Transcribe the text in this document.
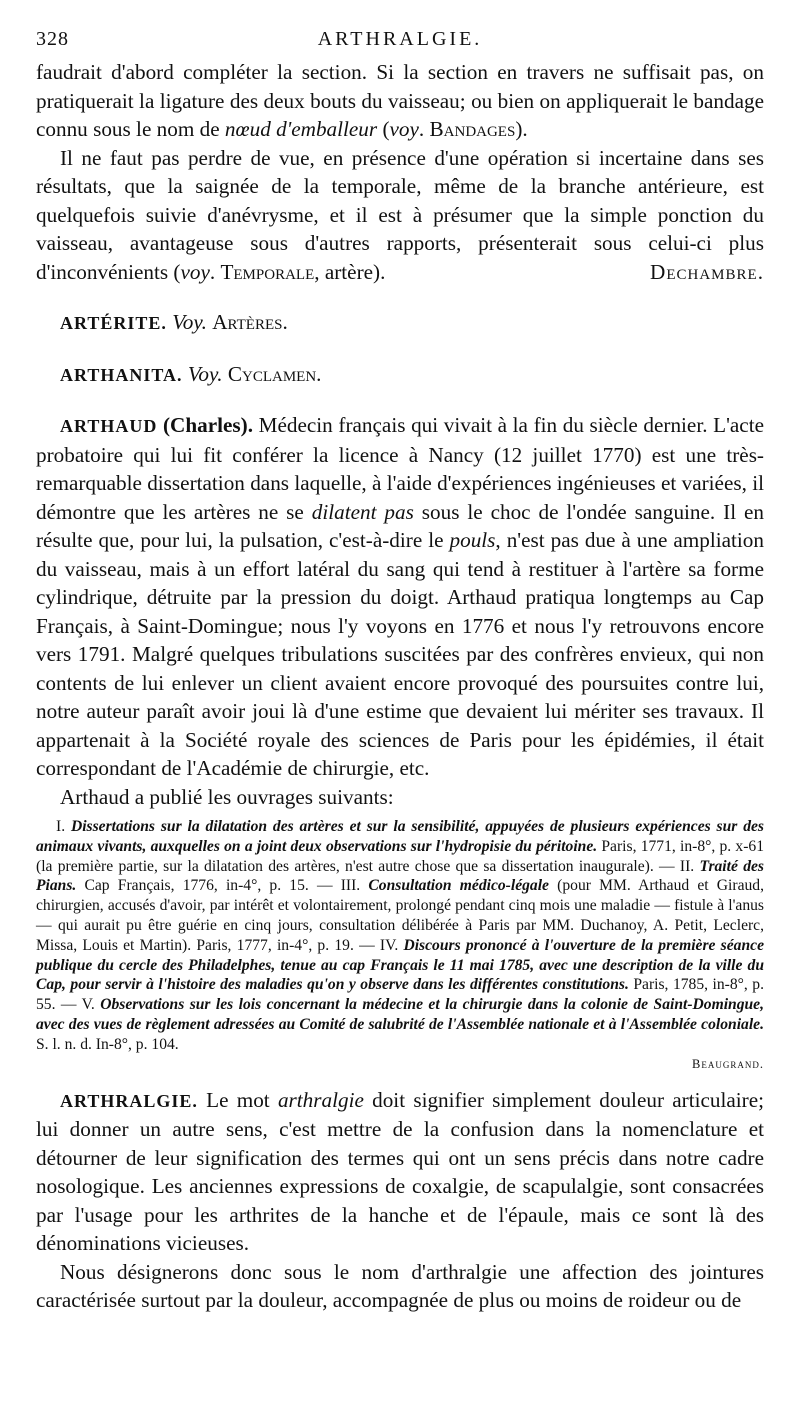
328	ARTHRALGIE.

faudrait d'abord compléter la section. Si la section en travers ne suffisait pas, on pratiquerait la ligature des deux bouts du vaisseau; ou bien on appliquerait le bandage connu sous le nom de nœud d'emballeur (voy. Bandages).

Il ne faut pas perdre de vue, en présence d'une opération si incertaine dans ses résultats, que la saignée de la temporale, même de la branche antérieure, est quelquefois suivie d'anévrysme, et il est à présumer que la simple ponction du vaisseau, avantageuse sous d'autres rapports, présenterait sous celui-ci plus d'inconvénients (voy. Temporale, artère).	Dechambre.

ARTÉRITE. Voy. Artères.

ARTHANITA. Voy. Cyclamen.

ARTHAUD (Charles). Médecin français qui vivait à la fin du siècle dernier. L'acte probatoire qui lui fit conférer la licence à Nancy (12 juillet 1770) est une très-remarquable dissertation dans laquelle, à l'aide d'expériences ingénieuses et variées, il démontre que les artères ne se dilatent pas sous le choc de l'ondée sanguine. Il en résulte que, pour lui, la pulsation, c'est-à-dire le pouls, n'est pas due à une ampliation du vaisseau, mais à un effort latéral du sang qui tend à restituer à l'artère sa forme cylindrique, détruite par la pression du doigt. Arthaud pratiqua longtemps au Cap Français, à Saint-Domingue; nous l'y voyons en 1776 et nous l'y retrouvons encore vers 1791. Malgré quelques tribulations suscitées par des confrères envieux, qui non contents de lui enlever un client avaient encore provoqué des poursuites contre lui, notre auteur paraît avoir joui là d'une estime que devaient lui mériter ses travaux. Il appartenait à la Société royale des sciences de Paris pour les épidémies, il était correspondant de l'Académie de chirurgie, etc.

Arthaud a publié les ouvrages suivants:

I. Dissertations sur la dilatation des artères et sur la sensibilité, appuyées de plusieurs expériences sur des animaux vivants, auxquelles on a joint deux observations sur l'hydropisie du péritoine. Paris, 1771, in-8°, p. x-61 (la première partie, sur la dilatation des artères, n'est autre chose que sa dissertation inaugurale). — II. Traité des Pians. Cap Français, 1776, in-4°, p. 15. — III. Consultation médico-légale (pour MM. Arthaud et Giraud, chirurgien, accusés d'avoir, par intérêt et volontairement, prolongé pendant cinq mois une maladie — fistule à l'anus — qui aurait pu être guérie en cinq jours, consultation délibérée à Paris par MM. Duchanoy, A. Petit, Leclerc, Missa, Louis et Martin). Paris, 1777, in-4°, p. 19. — IV. Discours prononcé à l'ouverture de la première séance publique du cercle des Philadelphes, tenue au cap Français le 11 mai 1785, avec une description de la ville du Cap, pour servir à l'histoire des maladies qu'on y observe dans les différentes constitutions. Paris, 1785, in-8°, p. 55. — V. Observations sur les lois concernant la médecine et la chirurgie dans la colonie de Saint-Domingue, avec des vues de règlement adressées au Comité de salubrité de l'Assemblée nationale et à l'Assemblée coloniale. S. l. n. d. In-8°, p. 104.

Beaugrand.

ARTHRALGIE. Le mot arthralgie doit signifier simplement douleur articulaire; lui donner un autre sens, c'est mettre de la confusion dans la nomenclature et détourner de leur signification des termes qui ont un sens précis dans notre cadre nosologique. Les anciennes expressions de coxalgie, de scapulalgie, sont consacrées par l'usage pour les arthrites de la hanche et de l'épaule, mais ce sont là des dénominations vicieuses.

Nous désignerons donc sous le nom d'arthralgie une affection des jointures caractérisée surtout par la douleur, accompagnée de plus ou moins de roideur ou de
